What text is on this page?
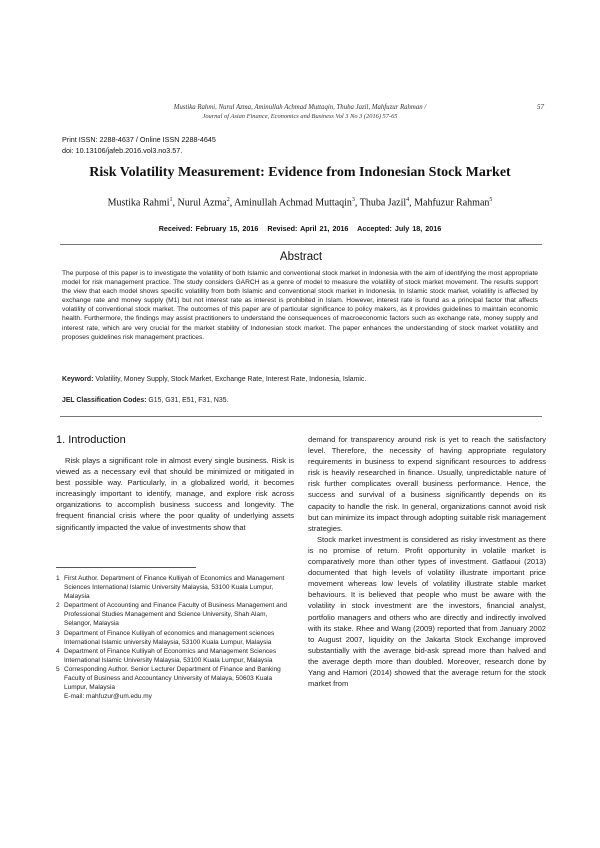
Mustika Rahmi, Nurul Azma, Aminullah Achmad Muttaqin, Thuba Jazil, Mahfuzur Rahman /
Journal of Asian Finance, Economics and Business Vol 3 No 3 (2016) 57-65
57
Print ISSN: 2288-4637 / Online ISSN 2288-4645
doi: 10.13106/jafeb.2016.vol3.no3.57.
Risk Volatility Measurement: Evidence from Indonesian Stock Market
Mustika Rahmi$^1$, Nurul Azma$^2$, Aminullah Achmad Muttaqin$^3$, Thuba Jazil$^4$, Mahfuzur Rahman$^5$
Received: February 15, 2016   Revised: April 21, 2016   Accepted: July 18, 2016
Abstract
The purpose of this paper is to investigate the volatility of both Islamic and conventional stock market in Indonesia with the aim of identifying the most appropriate model for risk management practice. The study considers GARCH as a genre of model to measure the volatility of stock market movement. The results support the view that each model shows specific volatility from both Islamic and conventional stock market in Indonesia. In Islamic stock market, volatility is affected by exchange rate and money supply (M1) but not interest rate as interest is prohibited in Islam. However, interest rate is found as a principal factor that affects volatility of conventional stock market. The outcomes of this paper are of particular significance to policy makers, as it provides guidelines to maintain economic health. Furthermore, the findings may assist practitioners to understand the consequences of macroeconomic factors such as exchange rate, money supply and interest rate, which are very crucial for the market stability of Indonesian stock market. The paper enhances the understanding of stock market volatility and proposes guidelines risk management practices.
Keyword: Volatility, Money Supply, Stock Market, Exchange Rate, Interest Rate, Indonesia, Islamic.
JEL Classification Codes: G15, G31, E51, F31, N35.
1. Introduction

Risk plays a significant role in almost every single business. Risk is viewed as a necessary evil that should be minimized or mitigated in best possible way. Particularly, in a globalized world, it becomes increasingly important to identify, manage, and explore risk across organizations to accomplish business success and longevity. The frequent financial crisis where the poor quality of underlying assets significantly impacted the value of investments show that

1 First Author. Department of Finance Kulliyah of Economics and Management Sciences International Islamic University Malaysia, 53100 Kuala Lumpur, Malaysia
2 Department of Accounting and Finance Faculty of Business Management and Professional Studies Management and Science University, Shah Alam, Selangor, Malaysia
3 Department of Finance Kulliyah of economics and management sciences International Islamic university Malaysia, 53100 Kuala Lumpur, Malaysia
4 Department of Finance Kulliyah of Economics and Management Sciences International Islamic University Malaysia, 53100 Kuala Lumpur, Malaysia
5 Corresponding Author. Senior Lecturer Department of Finance and Banking Faculty of Business and Accountancy University of Malaya, 50603 Kuala Lumpur, Malaysia
E-mail: mahfuzur@um.edu.my

demand for transparency around risk is yet to reach the satisfactory level. Therefore, the necessity of having appropriate regulatory requirements in business to expend significant resources to address risk is heavily researched in finance. Usually, unpredictable nature of risk further complicates overall business performance. Hence, the success and survival of a business significantly depends on its capacity to handle the risk. In general, organizations cannot avoid risk but can minimize its impact through adopting suitable risk management strategies.

Stock market investment is considered as risky investment as there is no promise of return. Profit opportunity in volatile market is comparatively more than other types of investment. Gatfaoui (2013) documented that high levels of volatility illustrate important price movement whereas low levels of volatility illustrate stable market behaviours. It is believed that people who must be aware with the volatility in stock investment are the investors, financial analyst, portfolio managers and others who are directly and indirectly involved with its stake. Rhee and Wang (2009) reported that from January 2002 to August 2007, liquidity on the Jakarta Stock Exchange improved substantially with the average bid-ask spread more than halved and the average depth more than doubled. Moreover, research done by Yang and Hamori (2014) showed that the average return for the stock market from
